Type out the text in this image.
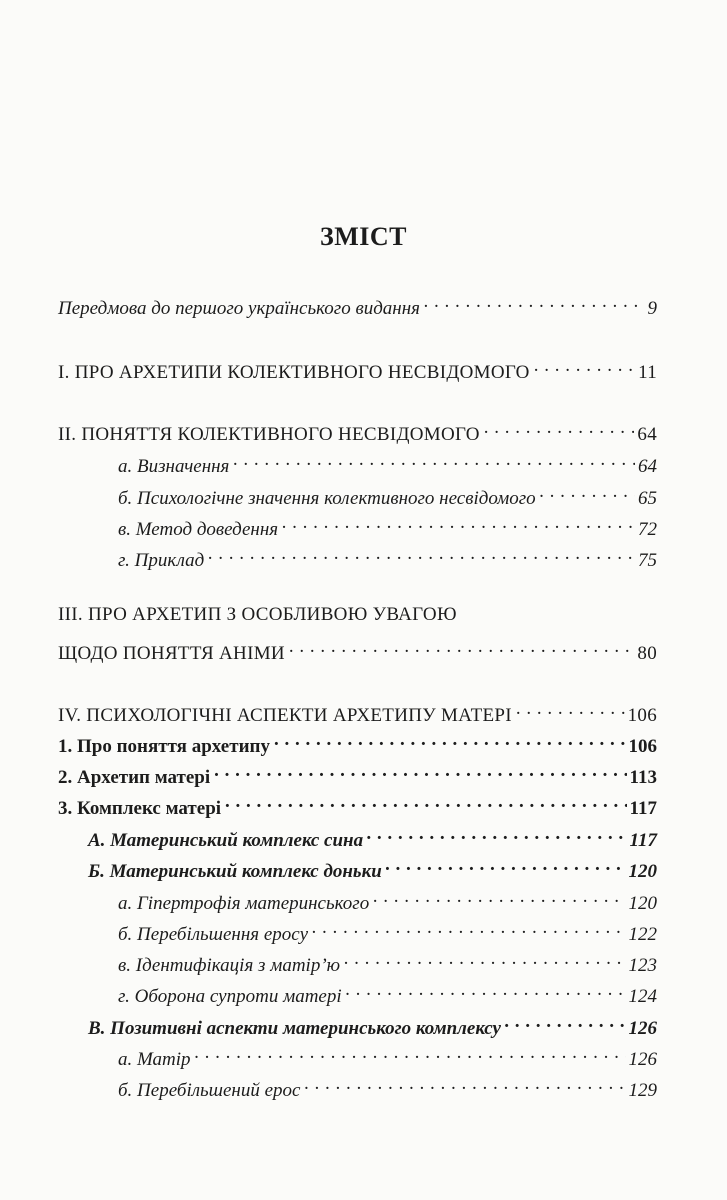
ЗМІСТ
Передмова до першого українського видання . . .	9
І. ПРО АРХЕТИПИ КОЛЕКТИВНОГО НЕСВІДОМОГО . . .	11
ІІ. ПОНЯТТЯ КОЛЕКТИВНОГО НЕСВІДОМОГО . . .	64
а. Визначення . . .	64
б. Психологічне значення колективного несвідомого . . .	65
в. Метод доведення . . .	72
г. Приклад . . .	75
ІІІ. ПРО АРХЕТИП З ОСОБЛИВОЮ УВАГОЮ
ЩОДО ПОНЯТТЯ АНІМИ . . .	80
IV. ПСИХОЛОГІЧНІ АСПЕКТИ АРХЕТИПУ МАТЕРІ . . .	106
1. Про поняття архетипу . . .	106
2. Архетип матері . . .	113
3. Комплекс матері . . .	117
А. Материнський комплекс сина . . .	117
Б. Материнський комплекс доньки . . .	120
а. Гіпертрофія материнського . . .	120
б. Перебільшення еросу . . .	122
в. Ідентифікація з матір’ю . . .	123
г. Оборона супроти матері . . .	124
В. Позитивні аспекти материнського комплексу . . .	126
а. Матір . . .	126
б. Перебільшений ерос . . .	129
